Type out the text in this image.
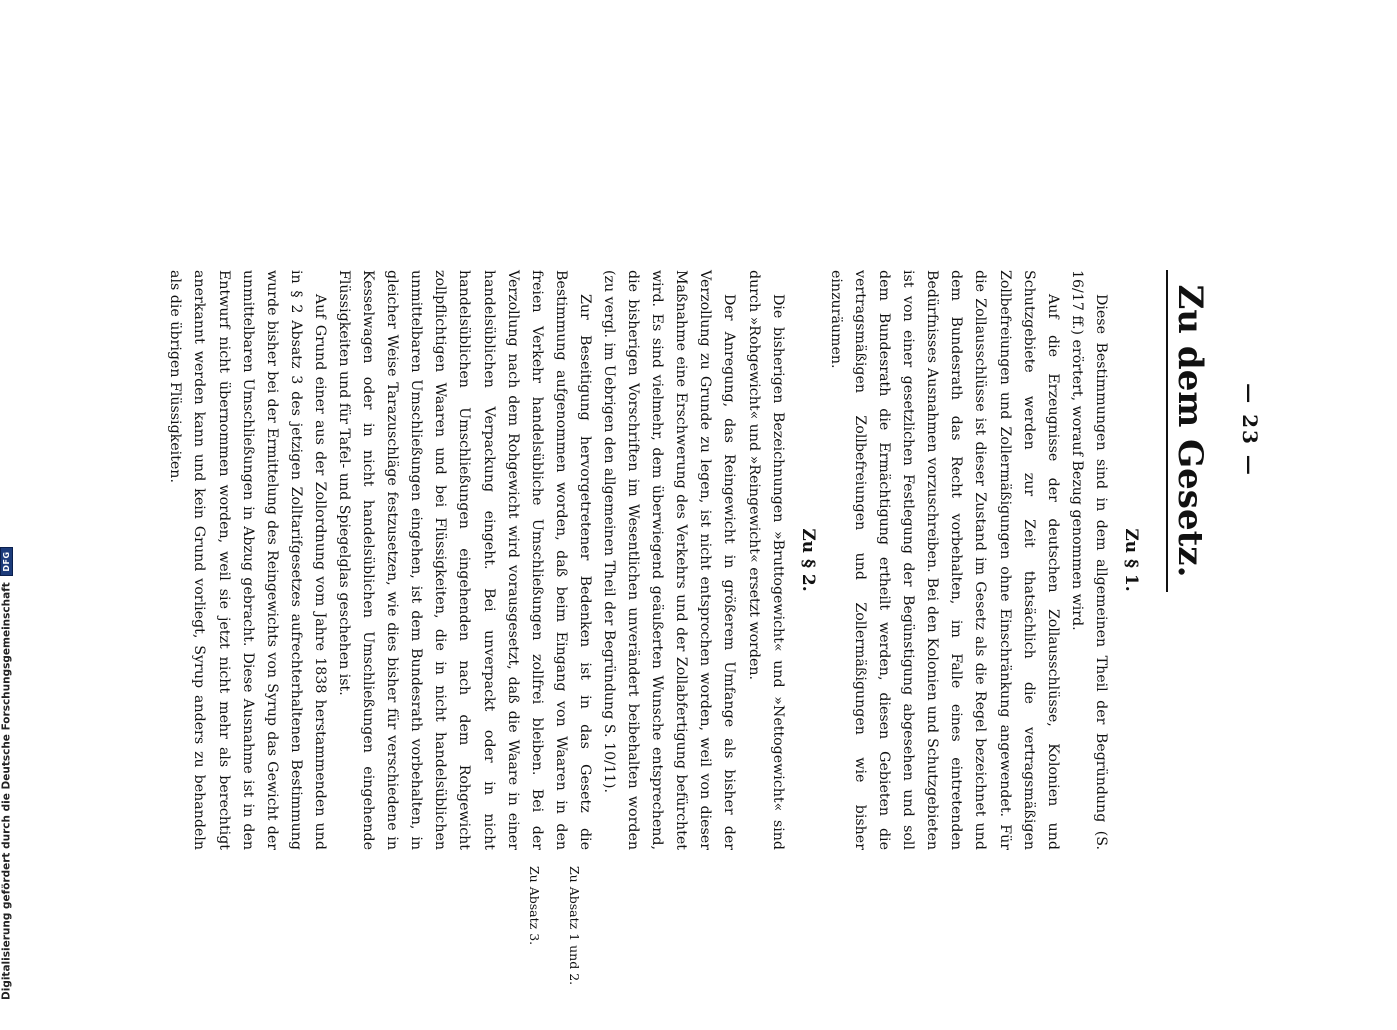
— 23 —
Zu dem Gesetz.
Zu Absatz 1 und 2.
Zu Absatz 3.
Zu § 1.

Diese Bestimmungen sind in dem allgemeinen Theil der Begründung (S. 16/17 ff.) erörtert, worauf Bezug genommen wird.

Auf die Erzeugnisse der deutschen Zollausschlüsse, Kolonien und Schutzgebiete werden zur Zeit thatsächlich die vertragsmäßigen Zollbefreiungen und Zollermäßigungen ohne Einschränkung angewendet. Für die Zollausschlüsse ist dieser Zustand im Gesetz als die Regel bezeichnet und dem Bundesrath das Recht vorbehalten, im Falle eines eintretenden Bedürfnisses Ausnahmen vorzuschreiben. Bei den Kolonien und Schutzgebieten ist von einer gesetzlichen Festlegung der Begünstigung abgesehen und soll dem Bundesrath die Ermächtigung ertheilt werden, diesen Gebieten die vertragsmäßigen Zollbefreiungen und Zollermäßigungen wie bisher einzuräumen.

Zu § 2.

Die bisherigen Bezeichnungen »Bruttogewicht« und »Nettogewicht« sind durch »Rohgewicht« und »Reingewicht« ersetzt worden.

Der Anregung, das Reingewicht in größerem Umfange als bisher der Verzollung zu Grunde zu legen, ist nicht entsprochen worden, weil von dieser Maßnahme eine Erschwerung des Verkehrs und der Zollabfertigung befürchtet wird. Es sind vielmehr, dem überwiegend geäußerten Wunsche entsprechend, die bisherigen Vorschriften im Wesentlichen unverändert beibehalten worden (zu vergl. im Uebrigen den allgemeinen Theil der Begründung S. 10/11).

Zur Beseitigung hervorgetretener Bedenken ist in das Gesetz die Bestimmung aufgenommen worden, daß beim Eingang von Waaren in den freien Verkehr handelsübliche Umschließungen zollfrei bleiben. Bei der Verzollung nach dem Rohgewicht wird vorausgesetzt, daß die Waare in einer handelsüblichen Verpackung eingeht. Bei unverpackt oder in nicht handelsüblichen Umschließungen eingehenden nach dem Rohgewicht zollpflichtigen Waaren und bei Flüssigkeiten, die in nicht handelsüblichen unmittelbaren Umschließungen eingehen, ist dem Bundesrath vorbehalten, in gleicher Weise Tarazuschläge festzusetzen, wie dies bisher für verschiedene in Kesselwagen oder in nicht handelsüblichen Umschließungen eingehende Flüssigkeiten und für Tafel- und Spiegelglas geschehen ist.

Auf Grund einer aus der Zollordnung vom Jahre 1838 herstammenden und in § 2 Absatz 3 des jetzigen Zolltarifgesetzes aufrechterhaltenen Bestimmung wurde bisher bei der Ermittelung des Reingewichts von Syrup das Gewicht der unmittelbaren Umschließungen in Abzug gebracht. Diese Ausnahme ist in den Entwurf nicht übernommen worden, weil sie jetzt nicht mehr als berechtigt anerkannt werden kann und kein Grund vorliegt, Syrup anders zu behandeln als die übrigen Flüssigkeiten.

Digitalisierung gefördert durch die Deutsche Forschungsgemeinschaft DFG
